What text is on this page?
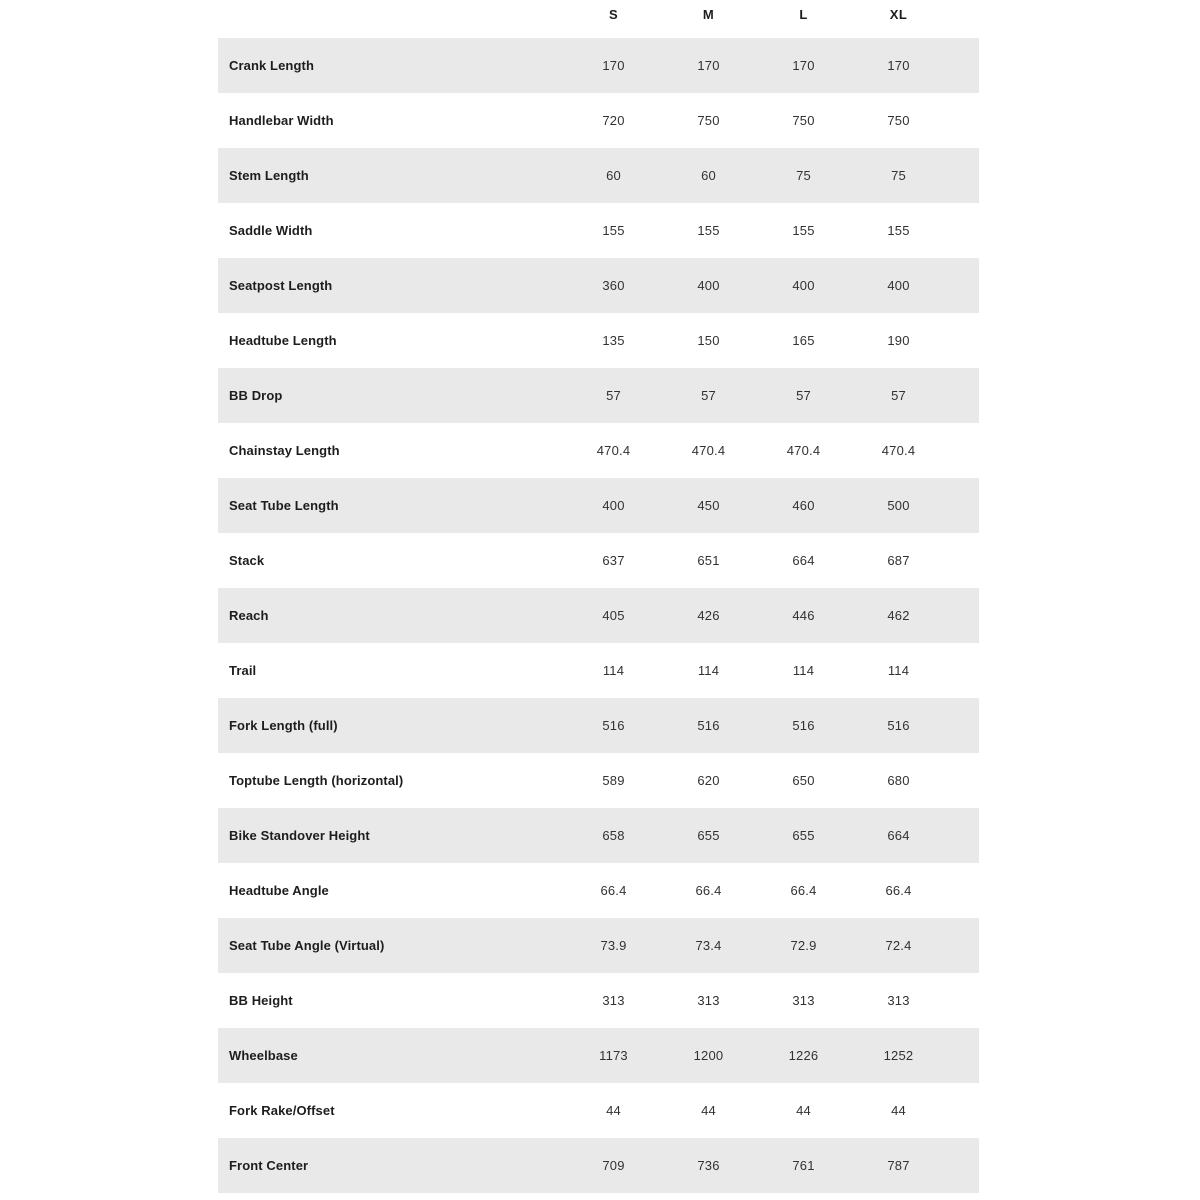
	S	M	L	XL	
Crank Length	170	170	170	170	
Handlebar Width	720	750	750	750	
Stem Length	60	60	75	75	
Saddle Width	155	155	155	155	
Seatpost Length	360	400	400	400	
Headtube Length	135	150	165	190	
BB Drop	57	57	57	57	
Chainstay Length	470.4	470.4	470.4	470.4	
Seat Tube Length	400	450	460	500	
Stack	637	651	664	687	
Reach	405	426	446	462	
Trail	114	114	114	114	
Fork Length (full)	516	516	516	516	
Toptube Length (horizontal)	589	620	650	680	
Bike Standover Height	658	655	655	664	
Headtube Angle	66.4	66.4	66.4	66.4	
Seat Tube Angle (Virtual)	73.9	73.4	72.9	72.4	
BB Height	313	313	313	313	
Wheelbase	1173	1200	1226	1252	
Fork Rake/Offset	44	44	44	44	
Front Center	709	736	761	787	
